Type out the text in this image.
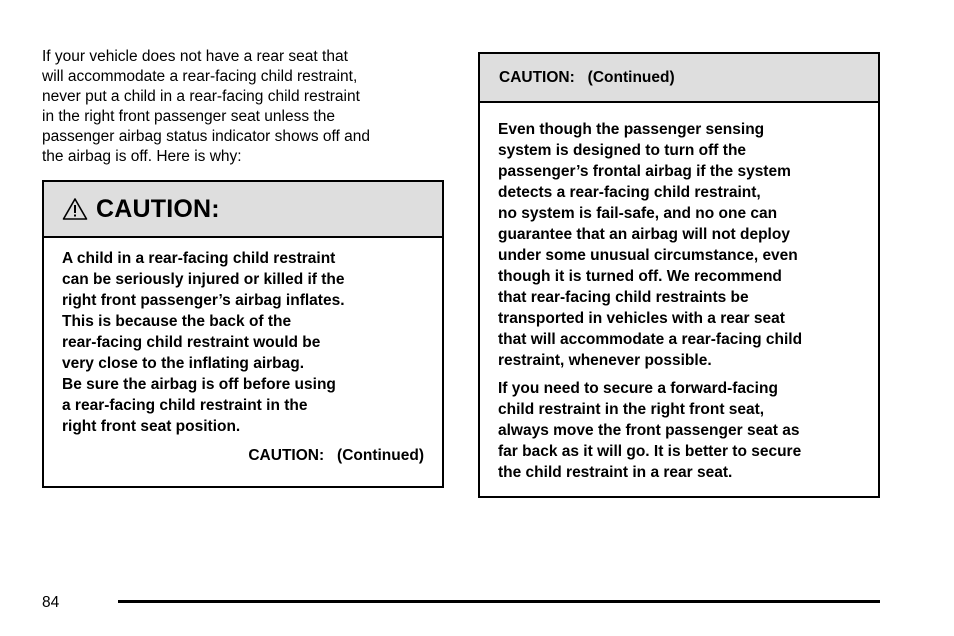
If your vehicle does not have a rear seat that
will accommodate a rear-facing child restraint,
never put a child in a rear-facing child restraint
in the right front passenger seat unless the
passenger airbag status indicator shows off and
the airbag is off. Here is why:

CAUTION:

A child in a rear-facing child restraint
can be seriously injured or killed if the
right front passenger’s airbag inflates.
This is because the back of the
rear-facing child restraint would be
very close to the inflating airbag.
Be sure the airbag is off before using
a rear-facing child restraint in the
right front seat position.

CAUTION:   (Continued)
CAUTION:   (Continued)

Even though the passenger sensing
system is designed to turn off the
passenger’s frontal airbag if the system
detects a rear-facing child restraint,
no system is fail-safe, and no one can
guarantee that an airbag will not deploy
under some unusual circumstance, even
though it is turned off. We recommend
that rear-facing child restraints be
transported in vehicles with a rear seat
that will accommodate a rear-facing child
restraint, whenever possible.

If you need to secure a forward-facing
child restraint in the right front seat,
always move the front passenger seat as
far back as it will go. It is better to secure
the child restraint in a rear seat.

84
